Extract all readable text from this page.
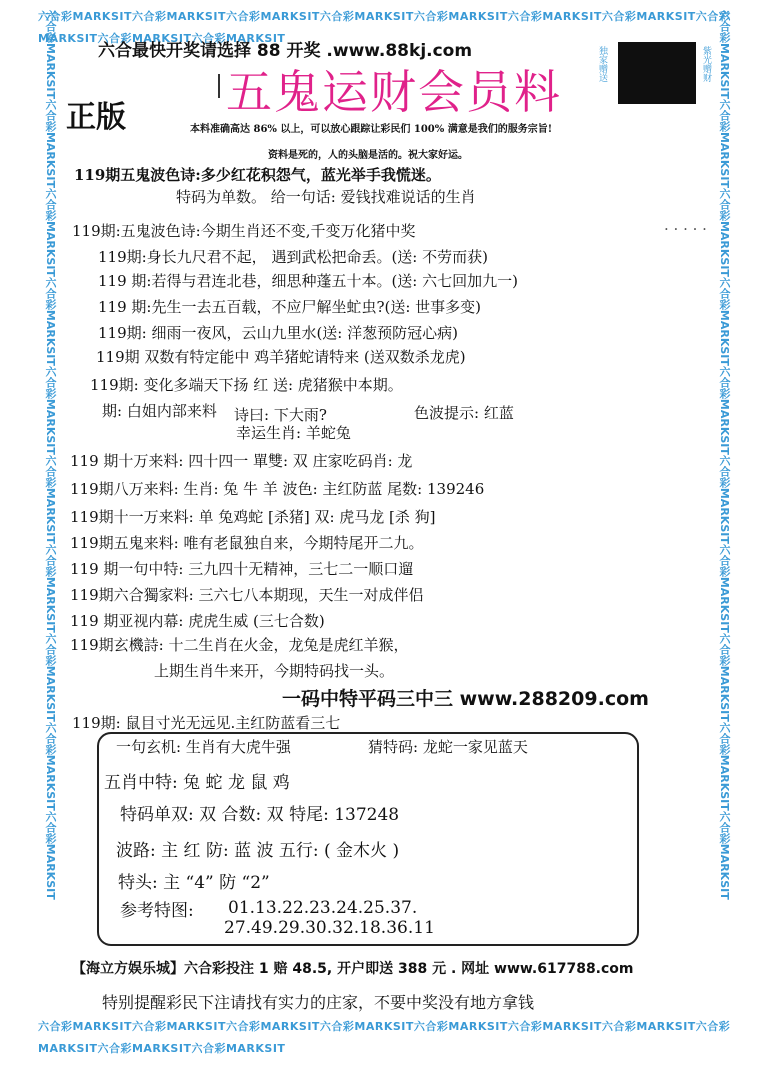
六合彩MARKSIT六合彩MARKSIT六合彩MARKSIT六合彩MARKSIT六合彩MARKSIT六合彩MARKSIT六合彩MARKSIT六合彩MARKSIT六合彩MARKSIT六合彩MARKSIT
六合彩MARKSIT六合彩MARKSIT六合彩MARKSIT六合彩MARKSIT六合彩MARKSIT六合彩MARKSIT六合彩MARKSIT六合彩MARKSIT六合彩MARKSIT六合彩MARKSIT
六合彩MARKSIT六合彩MARKSIT六合彩MARKSIT六合彩MARKSIT六合彩MARKSIT六合彩MARKSIT六合彩MARKSIT六合彩MARKSIT六合彩MARKSIT六合彩MARKSIT	六合彩MARKSIT六合彩MARKSIT六合彩MARKSIT六合彩MARKSIT六合彩MARKSIT六合彩MARKSIT六合彩MARKSIT六合彩MARKSIT六合彩MARKSIT六合彩MARKSIT
六合最快开奖请选择 88 开奖 .www.88kj.com
五鬼运财会员料
正版
独家赠送	紫光赠财
本料准确高达 86% 以上，可以放心跟踪让彩民们 100% 满意是我们的服务宗旨!
资料是死的，人的头脑是活的。祝大家好运。
119期五鬼波色诗:多少红花积怨气，蓝光举手我慌迷。
特码为单数。 给一句话: 爱钱找难说话的生肖
119期:五鬼波色诗:今期生肖还不变,千变万化猪中奖	· · · · ·
119期:身长九尺君不起， 遇到武松把命丢。(送: 不劳而获)
119 期:若得与君连北巷，细思种蓬五十本。(送: 六七回加九一)
119 期:先生一去五百载，不应尸解坐虻虫?(送: 世事多变)
119期: 细雨一夜风，云山九里水(送: 洋葱预防冠心病)
119期 双数有特定能中 鸡羊猪蛇请特来 (送双数杀龙虎)
119期: 变化多端天下扬 红 送: 虎猪猴中本期。
期: 白姐内部来料 诗曰: 下大雨?	色波提示: 红蓝
幸运生肖: 羊蛇兔
119 期十万来料: 四十四一 單雙: 双 庄家吃码肖: 龙
119期八万来料: 生肖: 兔 牛 羊 波色: 主红防蓝 尾数: 139246
119期十一万来料: 单 兔鸡蛇 [杀猪] 双: 虎马龙 [杀 狗]
119期五鬼来料: 唯有老鼠独自来，今期特尾开二九。
119 期一句中特: 三九四十无精神，三七二一顺口遛
119期六合獨家料: 三六七八本期现，天生一对成伴侣
119 期亚视内幕: 虎虎生威 (三七合数)
119期玄機詩: 十二生肖在火金，龙兔是虎红羊猴，
上期生肖牛来开，今期特码找一头。
一码中特平码三中三 www.288209.com
119期: 鼠目寸光无远见.主红防蓝看三七
一句玄机: 生肖有大虎牛强	猜特码: 龙蛇一家见蓝天
五肖中特: 兔 蛇 龙 鼠 鸡
特码单双: 双 合数: 双 特尾: 137248
波路: 主 红 防: 蓝 波 五行: ( 金木火 )
特头: 主 “4” 防 “2”
参考特图: 01.13.22.23.24.25.37.
27.49.29.30.32.18.36.11
【海立方娱乐城】六合彩投注 1 赔 48.5, 开户即送 388 元 . 网址 www.617788.com
特别提醒彩民下注请找有实力的庄家，不要中奖没有地方拿钱
